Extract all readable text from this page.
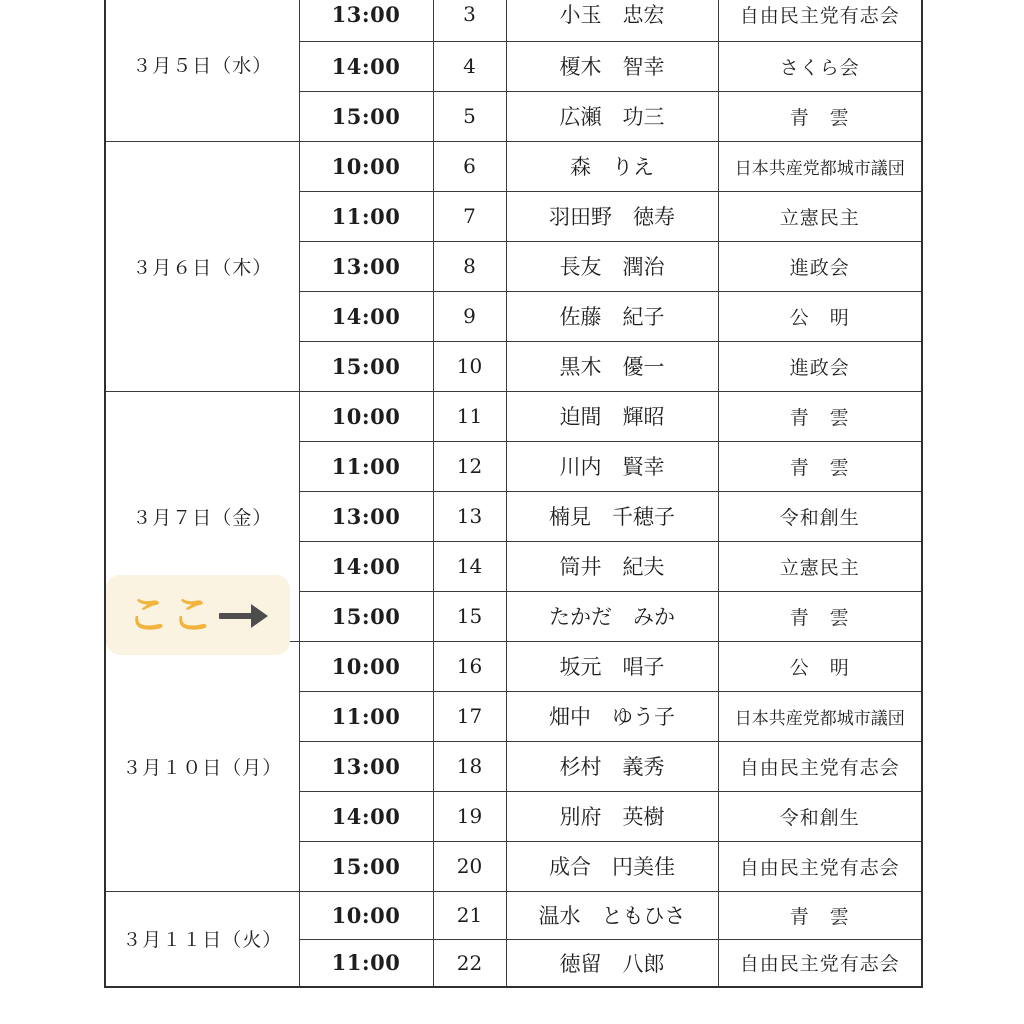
３月５日（水）	13:00	3	小玉　忠宏	自由民主党有志会
	14:00	4	榎木　智幸	さくら会
	15:00	5	広瀬　功三	青　雲
３月６日（木）	10:00	6	森　りえ	日本共産党都城市議団
	11:00	7	羽田野　徳寿	立憲民主
	13:00	8	長友　潤治	進政会
	14:00	9	佐藤　紀子	公　明
	15:00	10	黒木　優一	進政会
３月７日（金）	10:00	11	迫間　輝昭	青　雲
	11:00	12	川内　賢幸	青　雲
	13:00	13	楠見　千穂子	令和創生
	14:00	14	筒井　紀夫	立憲民主
	15:00	15	たかだ　みか	青　雲
３月１０日（月）	10:00	16	坂元　唱子	公　明
	11:00	17	畑中　ゆう子	日本共産党都城市議団
	13:00	18	杉村　義秀	自由民主党有志会
	14:00	19	別府　英樹	令和創生
	15:00	20	成合　円美佳	自由民主党有志会
３月１１日（火）	10:00	21	温水　ともひさ	青　雲
	11:00	22	徳留　八郎	自由民主党有志会
ここ
